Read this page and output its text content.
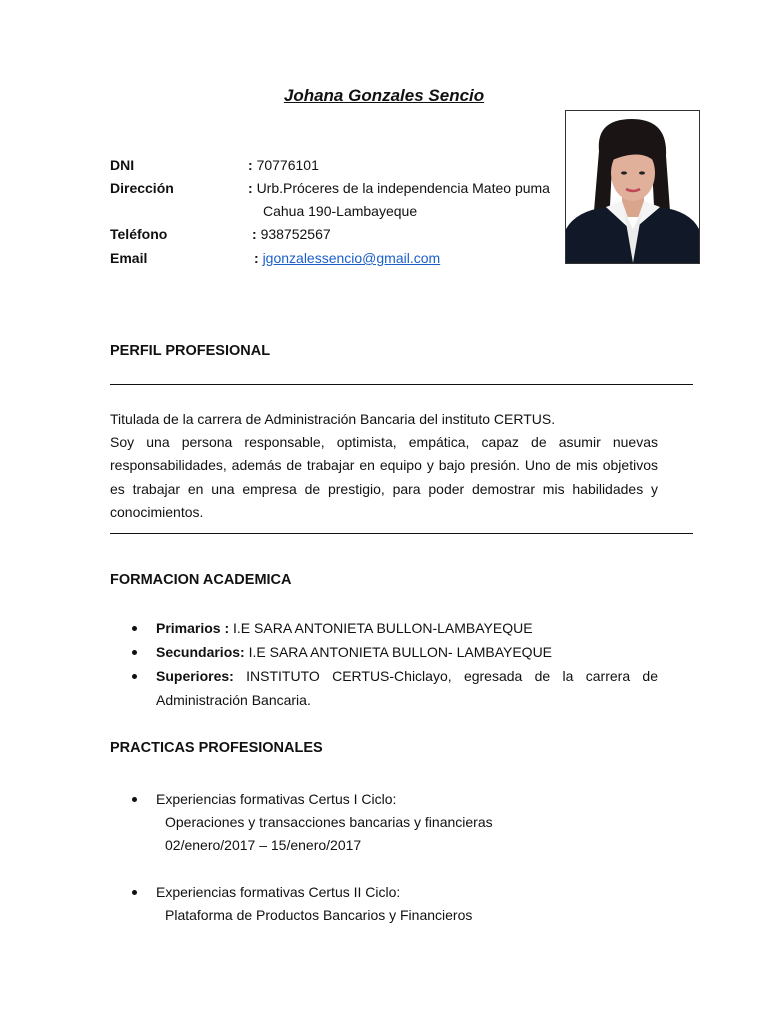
Johana Gonzales Sencio
DNI	: 70776101
Dirección	: Urb.Próceres de la independencia Mateo puma
Cahua 190-Lambayeque
Teléfono	: 938752567
Email	: jgonzalessencio@gmail.com
PERFIL PROFESIONAL

Titulada de la carrera de Administración Bancaria del instituto CERTUS.

Soy una persona responsable, optimista, empática, capaz de asumir nuevas responsabilidades, además de trabajar en equipo y bajo presión. Uno de mis objetivos es trabajar en una empresa de prestigio, para poder demostrar mis habilidades y conocimientos.

FORMACION ACADEMICA
Primarios : I.E SARA ANTONIETA BULLON-LAMBAYEQUE
Secundarios: I.E SARA ANTONIETA BULLON- LAMBAYEQUE
Superiores: INSTITUTO CERTUS-Chiclayo, egresada de la carrera de Administración Bancaria.
PRACTICAS PROFESIONALES
Experiencias formativas Certus I Ciclo:
Operaciones y transacciones bancarias y financieras
02/enero/2017 – 15/enero/2017
Experiencias formativas Certus II Ciclo:
Plataforma de Productos Bancarios y Financieros
